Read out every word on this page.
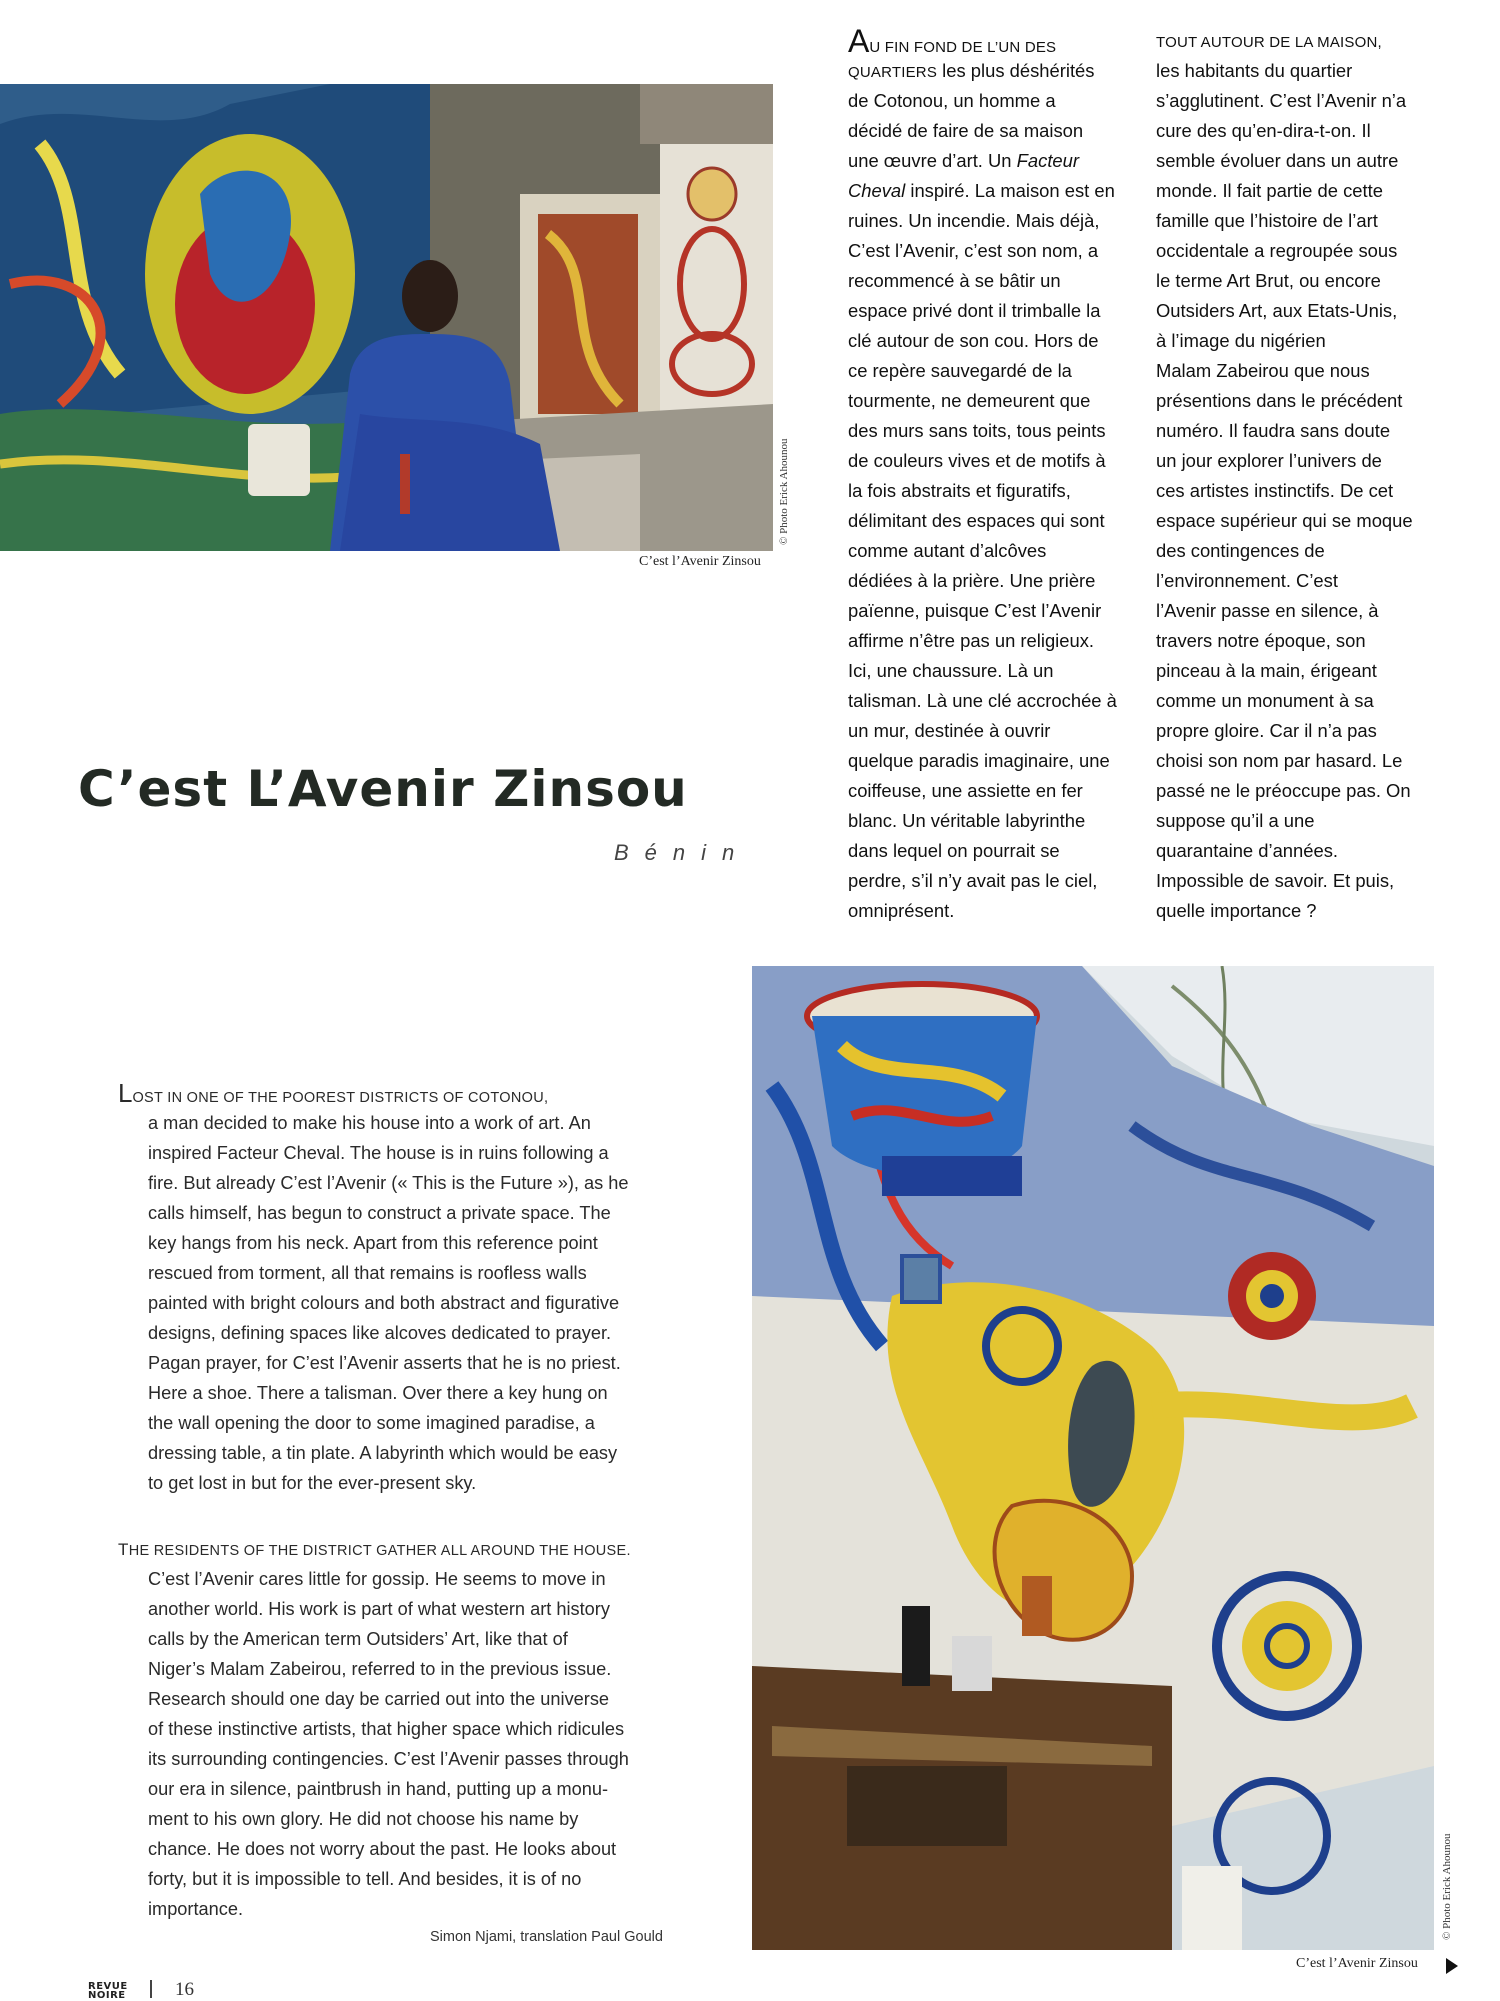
© Photo Erick Ahounou
C’est l’Avenir Zinsou
AU FIN FOND DE L’UN DES
QUARTIERS les plus déshérités
de Cotonou, un homme a
décidé de faire de sa maison
une œuvre d’art. Un Facteur
Cheval inspiré. La maison est en
ruines. Un incendie. Mais déjà,
C’est l’Avenir, c’est son nom, a
recommencé à se bâtir un
espace privé dont il trimballe la
clé autour de son cou. Hors de
ce repère sauvegardé de la
tourmente, ne demeurent que
des murs sans toits, tous peints
de couleurs vives et de motifs à
la fois abstraits et figuratifs,
délimitant des espaces qui sont
comme autant d’alcôves
dédiées à la prière. Une prière
païenne, puisque C’est l’Avenir
affirme n’être pas un religieux.
Ici, une chaussure. Là un
talisman. Là une clé accrochée à
un mur, destinée à ouvrir
quelque paradis imaginaire, une
coiffeuse, une assiette en fer
blanc. Un véritable labyrinthe
dans lequel on pourrait se
perdre, s’il n’y avait pas le ciel,
omniprésent.
TOUT AUTOUR DE LA MAISON,
les habitants du quartier
s’agglutinent. C’est l’Avenir n’a
cure des qu’en-dira-t-on. Il
semble évoluer dans un autre
monde. Il fait partie de cette
famille que l’histoire de l’art
occidentale a regroupée sous
le terme Art Brut, ou encore
Outsiders Art, aux Etats-Unis,
à l’image du nigérien
Malam Zabeirou que nous
présentions dans le précédent
numéro. Il faudra sans doute
un jour explorer l’univers de
ces artistes instinctifs. De cet
espace supérieur qui se moque
des contingences de
l’environnement. C’est
l’Avenir passe en silence, à
travers notre époque, son
pinceau à la main, érigeant
comme un monument à sa
propre gloire. Car il n’a pas
choisi son nom par hasard. Le
passé ne le préoccupe pas. On
suppose qu’il a une
quarantaine d’années.
Impossible de savoir. Et puis,
quelle importance ?
C’est L’Avenir Zinsou
Bénin
© Photo Erick Ahounou
C’est l’Avenir Zinsou
LOST IN ONE OF THE POOREST DISTRICTS OF COTONOU,
a man decided to make his house into a work of art. An
inspired Facteur Cheval. The house is in ruins following a
fire. But already C’est l’Avenir (« This is the Future »), as he
calls himself, has begun to construct a private space. The
key hangs from his neck. Apart from this reference point
rescued from torment, all that remains is roofless walls
painted with bright colours and both abstract and figurative
designs, defining spaces like alcoves dedicated to prayer.
Pagan prayer, for C’est l’Avenir asserts that he is no priest.
Here a shoe. There a talisman. Over there a key hung on
the wall opening the door to some imagined paradise, a
dressing table, a tin plate. A labyrinth which would be easy
to get lost in but for the ever-present sky.
THE RESIDENTS OF THE DISTRICT GATHER ALL AROUND THE HOUSE.
C’est l’Avenir cares little for gossip. He seems to move in
another world. His work is part of what western art history
calls by the American term Outsiders’ Art, like that of
Niger’s Malam Zabeirou, referred to in the previous issue.
Research should one day be carried out into the universe
of these instinctive artists, that higher space which ridicules
its surrounding contingencies. C’est l’Avenir passes through
our era in silence, paintbrush in hand, putting up a monu-
ment to his own glory. He did not choose his name by
chance. He does not worry about the past. He looks about
forty, but it is impossible to tell. And besides, it is of no
importance.
Simon Njami, translation Paul Gould
REVUE
NOIRE	16
